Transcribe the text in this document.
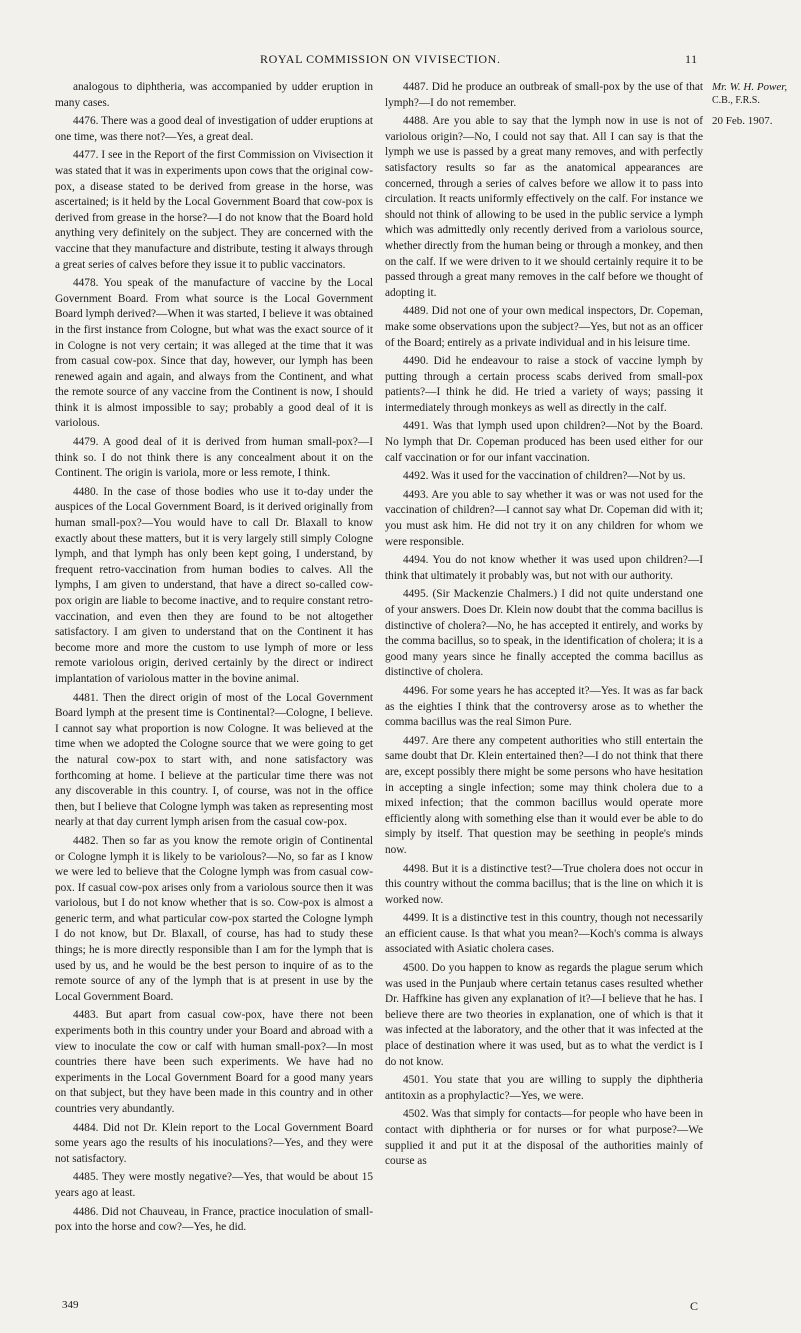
ROYAL COMMISSION ON VIVISECTION.	11

analogous to diphtheria, was accompanied by udder eruption in many cases.

4476. There was a good deal of investigation of udder eruptions at one time, was there not?—Yes, a great deal.

4477. I see in the Report of the first Commission on Vivisection it was stated that it was in experiments upon cows that the original cow-pox, a disease stated to be derived from grease in the horse, was ascertained; is it held by the Local Government Board that cow-pox is derived from grease in the horse?—I do not know that the Board hold anything very definitely on the subject. They are concerned with the vaccine that they manufacture and distribute, testing it always through a great series of calves before they issue it to public vaccinators.

4478. You speak of the manufacture of vaccine by the Local Government Board. From what source is the Local Government Board lymph derived?—When it was started, I believe it was obtained in the first instance from Cologne, but what was the exact source of it in Cologne is not very certain; it was alleged at the time that it was from casual cow-pox. Since that day, however, our lymph has been renewed again and again, and always from the Continent, and what the remote source of any vaccine from the Continent is now, I should think it is almost impossible to say; probably a good deal of it is variolous.

4479. A good deal of it is derived from human small-pox?—I think so. I do not think there is any concealment about it on the Continent. The origin is variola, more or less remote, I think.

4480. In the case of those bodies who use it to-day under the auspices of the Local Government Board, is it derived originally from human small-pox?—You would have to call Dr. Blaxall to know exactly about these matters, but it is very largely still simply Cologne lymph, and that lymph has only been kept going, I understand, by frequent retro-vaccination from human bodies to calves. All the lymphs, I am given to understand, that have a direct so-called cow-pox origin are liable to become inactive, and to require constant retro-vaccination, and even then they are found to be not altogether satisfactory. I am given to understand that on the Continent it has become more and more the custom to use lymph of more or less remote variolous origin, derived certainly by the direct or indirect implantation of variolous matter in the bovine animal.

4481. Then the direct origin of most of the Local Government Board lymph at the present time is Continental?—Cologne, I believe. I cannot say what proportion is now Cologne. It was believed at the time when we adopted the Cologne source that we were going to get the natural cow-pox to start with, and none satisfactory was forthcoming at home. I believe at the particular time there was not any discoverable in this country. I, of course, was not in the office then, but I believe that Cologne lymph was taken as representing most nearly at that day current lymph arisen from the casual cow-pox.

4482. Then so far as you know the remote origin of Continental or Cologne lymph it is likely to be variolous?—No, so far as I know we were led to believe that the Cologne lymph was from casual cow-pox. If casual cow-pox arises only from a variolous source then it was variolous, but I do not know whether that is so. Cow-pox is almost a generic term, and what particular cow-pox started the Cologne lymph I do not know, but Dr. Blaxall, of course, has had to study these things; he is more directly responsible than I am for the lymph that is used by us, and he would be the best person to inquire of as to the remote source of any of the lymph that is at present in use by the Local Government Board.

4483. But apart from casual cow-pox, have there not been experiments both in this country under your Board and abroad with a view to inoculate the cow or calf with human small-pox?—In most countries there have been such experiments. We have had no experiments in the Local Government Board for a good many years on that subject, but they have been made in this country and in other countries very abundantly.

4484. Did not Dr. Klein report to the Local Government Board some years ago the results of his inoculations?—Yes, and they were not satisfactory.

4485. They were mostly negative?—Yes, that would be about 15 years ago at least.

4486. Did not Chauveau, in France, practice inoculation of small-pox into the horse and cow?—Yes, he did.

4487. Did he produce an outbreak of small-pox by the use of that lymph?—I do not remember.

4488. Are you able to say that the lymph now in use is not of variolous origin?—No, I could not say that. All I can say is that the lymph we use is passed by a great many removes, and with perfectly satisfactory results so far as the anatomical appearances are concerned, through a series of calves before we allow it to pass into circulation. It reacts uniformly effectively on the calf. For instance we should not think of allowing to be used in the public service a lymph which was admittedly only recently derived from a variolous source, whether directly from the human being or through a monkey, and then on the calf. If we were driven to it we should certainly require it to be passed through a great many removes in the calf before we thought of adopting it.

4489. Did not one of your own medical inspectors, Dr. Copeman, make some observations upon the subject?—Yes, but not as an officer of the Board; entirely as a private individual and in his leisure time.

4490. Did he endeavour to raise a stock of vaccine lymph by putting through a certain process scabs derived from small-pox patients?—I think he did. He tried a variety of ways; passing it intermediately through monkeys as well as directly in the calf.

4491. Was that lymph used upon children?—Not by the Board. No lymph that Dr. Copeman produced has been used either for our calf vaccination or for our infant vaccination.

4492. Was it used for the vaccination of children?—Not by us.

4493. Are you able to say whether it was or was not used for the vaccination of children?—I cannot say what Dr. Copeman did with it; you must ask him. He did not try it on any children for whom we were responsible.

4494. You do not know whether it was used upon children?—I think that ultimately it probably was, but not with our authority.

4495. (Sir Mackenzie Chalmers.) I did not quite understand one of your answers. Does Dr. Klein now doubt that the comma bacillus is distinctive of cholera?—No, he has accepted it entirely, and works by the comma bacillus, so to speak, in the identification of cholera; it is a good many years since he finally accepted the comma bacillus as distinctive of cholera.

4496. For some years he has accepted it?—Yes. It was as far back as the eighties I think that the controversy arose as to whether the comma bacillus was the real Simon Pure.

4497. Are there any competent authorities who still entertain the same doubt that Dr. Klein entertained then?—I do not think that there are, except possibly there might be some persons who have hesitation in accepting a single infection; some may think cholera due to a mixed infection; that the common bacillus would operate more efficiently along with something else than it would ever be able to do simply by itself. That question may be seething in people's minds now.

4498. But it is a distinctive test?—True cholera does not occur in this country without the comma bacillus; that is the line on which it is worked now.

4499. It is a distinctive test in this country, though not necessarily an efficient cause. Is that what you mean?—Koch's comma is always associated with Asiatic cholera cases.

4500. Do you happen to know as regards the plague serum which was used in the Punjaub where certain tetanus cases resulted whether Dr. Haffkine has given any explanation of it?—I believe that he has. I believe there are two theories in explanation, one of which is that it was infected at the laboratory, and the other that it was infected at the place of destination where it was used, but as to what the verdict is I do not know.

4501. You state that you are willing to supply the diphtheria antitoxin as a prophylactic?—Yes, we were.

4502. Was that simply for contacts—for people who have been in contact with diphtheria or for nurses or for what purpose?—We supplied it and put it at the disposal of the authorities mainly of course as

Mr. W. H. Power,
C.B., F.R.S.
20 Feb. 1907.
349	C
